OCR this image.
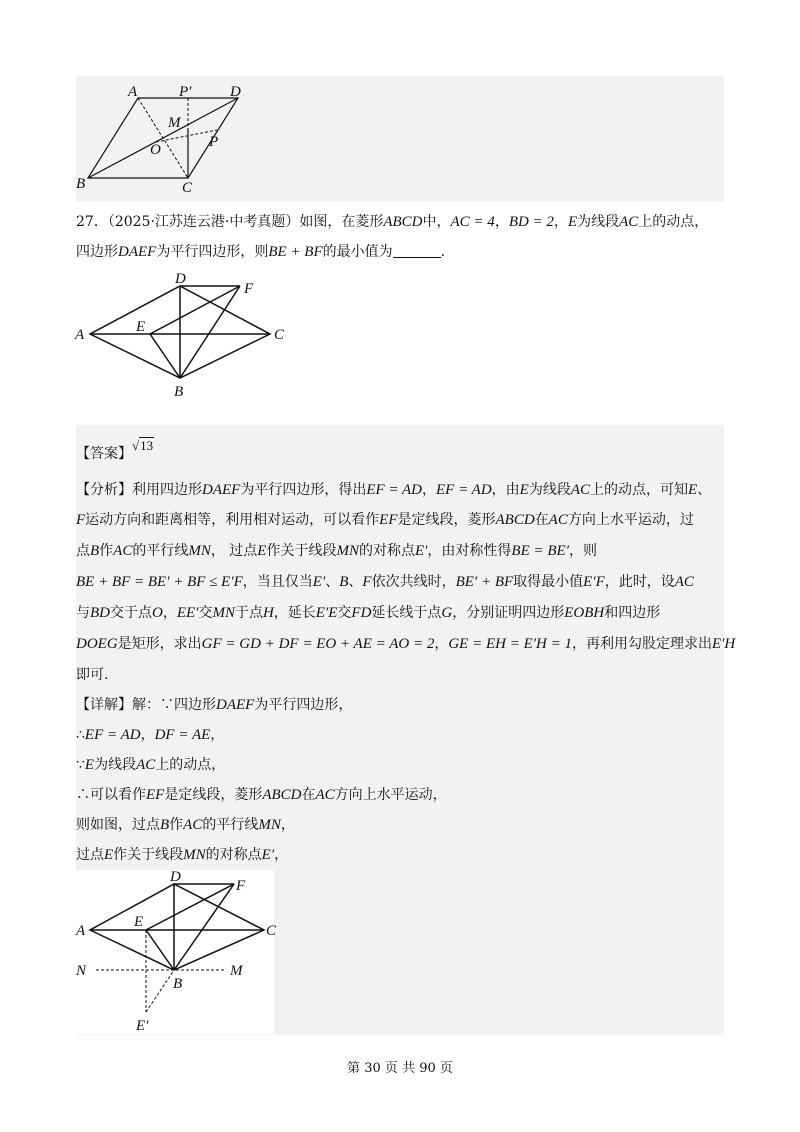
A	P′	D
M
O	P
B	C
27．（2025·江苏连云港·中考真题）如图，在菱形ABCD中，AC = 4，BD = 2，E为线段AC上的动点，
四边形DAEF为平行四边形，则BE + BF的最小值为	.
D
F
A	E	C
B
【答案】√13
【分析】利用四边形DAEF为平行四边形，得出EF = AD，EF = AD，由E为线段AC上的动点，可知E、
F运动方向和距离相等，利用相对运动，可以看作EF是定线段，菱形ABCD在AC方向上水平运动，过
点B作AC的平行线MN， 过点E作关于线段MN的对称点E′，由对称性得BE = BE′，则
BE + BF = BE′ + BF ≤ E′F，当且仅当E′、B、F依次共线时，BE′ + BF取得最小值E′F，此时，设AC
与BD交于点O，EE′交MN于点H，延长E′E交FD延长线于点G，分别证明四边形EOBH和四边形
DOEG是矩形，求出GF = GD + DF = EO + AE = AO = 2，GE = EH = E′H = 1，再利用勾股定理求出E′H
即可.
【详解】解：∵四边形DAEF为平行四边形，
∴EF = AD，DF = AE，
∵E为线段AC上的动点，
∴可以看作EF是定线段，菱形ABCD在AC方向上水平运动，
则如图，过点B作AC的平行线MN，
过点E作关于线段MN的对称点E′，
D
F
A
E
C
N	M
B
E′
第 30 页 共 90 页
